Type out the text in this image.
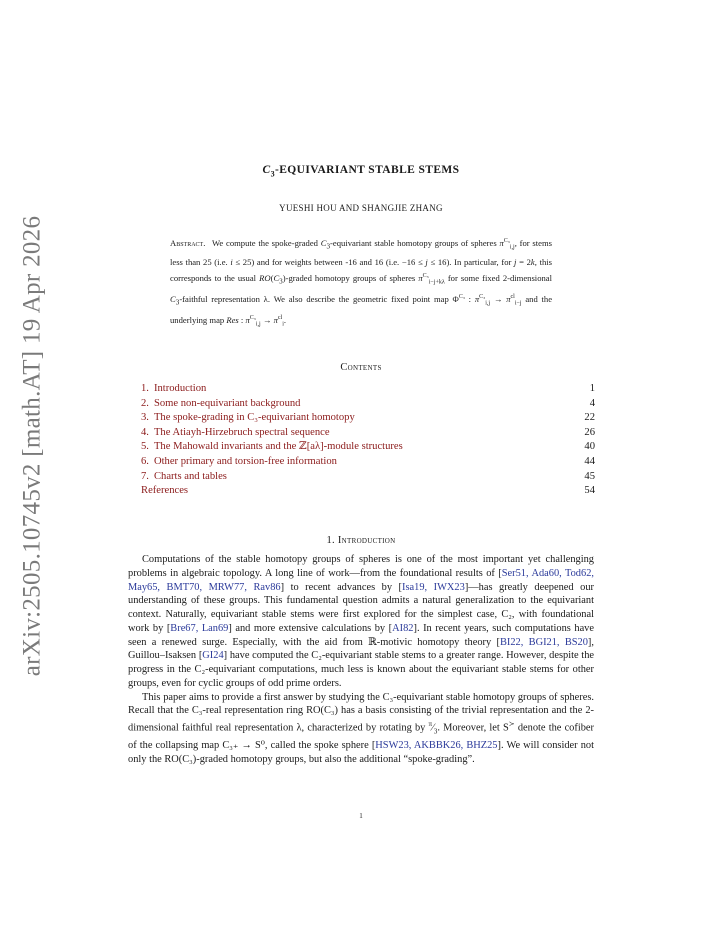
arXiv:2505.10745v2 [math.AT] 19 Apr 2026
$C_3$-EQUIVARIANT STABLE STEMS
YUESHI HOU AND SHANGJIE ZHANG
Abstract. We compute the spoke-graded $C_3$-equivariant stable homotopy groups of spheres $\pi^{C_3}_{i,j}$, for stems less than 25 (i.e. i ≤ 25) and for weights between -16 and 16 (i.e. −16 ≤ j ≤ 16). In particular, for j = 2k, this corresponds to the usual $RO(C_3)$-graded homotopy groups of spheres $\pi^{C_3}_{i-j+k\lambda}$ for some fixed 2-dimensional $C_3$-faithful representation λ. We also describe the geometric fixed point map $\Phi^{C_3}$ : $\pi^{C_3}_{i,j} \to \pi^{cl}_{i-j}$ and the underlying map Res : $\pi^{C_3}_{i,j} \to \pi^{cl}_i$.
Contents
1. Introduction	1
2. Some non-equivariant background	4
3. The spoke-grading in C₃-equivariant homotopy	22
4. The Atiayh-Hirzebruch spectral sequence	26
5. The Mahowald invariants and the ℤ[aλ]-module structures	40
6. Other primary and torsion-free information	44
7. Charts and tables	45
References	54
1. Introduction

Computations of the stable homotopy groups of spheres is one of the most important yet challenging problems in algebraic topology. A long line of work—from the foundational results of [Ser51, Ada60, Tod62, May65, BMT70, MRW77, Rav86] to recent advances by [Isa19, IWX23]—has greatly deepened our understanding of these groups. This fundamental question admits a natural generalization to the equivariant context. Naturally, equivariant stable stems were first explored for the simplest case, C₂, with foundational work by [Bre67, Lan69] and more extensive calculations by [AI82]. In recent years, such computations have seen a renewed surge. Especially, with the aid from ℝ-motivic homotopy theory [BI22, BGI21, BS20], Guillou–Isaksen [GI24] have computed the C₂-equivariant stable stems to a greater range. However, despite the progress in the C₂-equivariant computations, much less is known about the equivariant stable stems for other groups, even for cyclic groups of odd prime orders.

This paper aims to provide a first answer by studying the C₃-equivariant stable homotopy groups of spheres. Recall that the C₃-real representation ring RO(C₃) has a basis consisting of the trivial representation and the 2-dimensional faithful real representation λ, characterized by rotating by $^\pi⁄_3$. Moreover, let S≻ denote the cofiber of the collapsing map C₃₊ → S⁰, called the spoke sphere [HSW23, AKBBK26, BHZ25]. We will consider not only the RO(C₃)-graded homotopy groups, but also the additional “spoke-grading”.

1
